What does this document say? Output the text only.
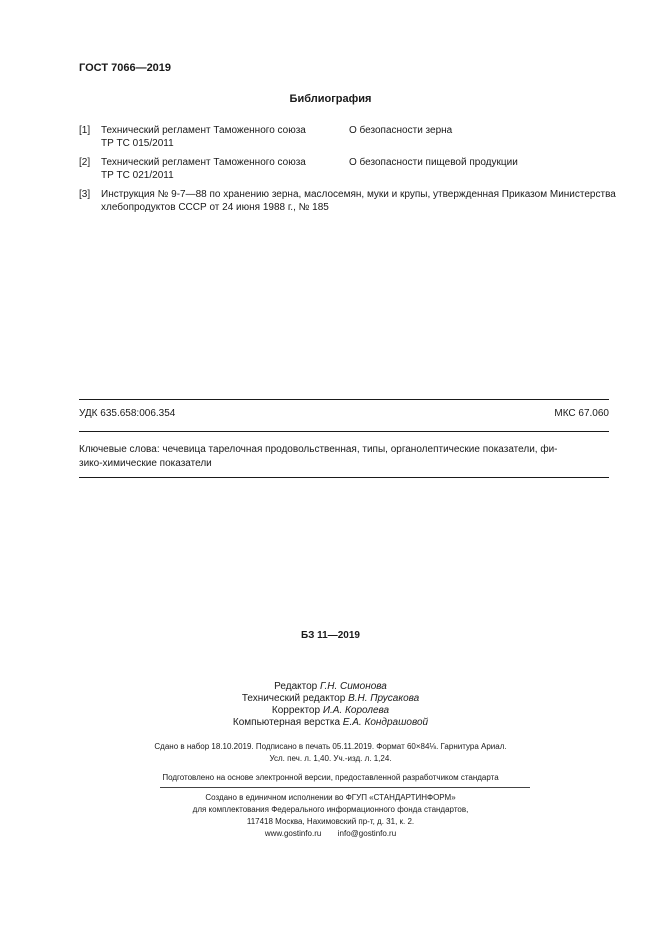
ГОСТ 7066—2019
Библиография
[1] Технический регламент Таможенного союза
ТР ТС 015/2011
О безопасности зерна
[2] Технический регламент Таможенного союза
ТР ТС 021/2011
О безопасности пищевой продукции
[3] Инструкция № 9-7—88 по хранению зерна, маслосемян, муки и крупы, утвержденная Приказом Министерства
хлебопродуктов СССР от 24 июня 1988 г., № 185
УДК 635.658:006.354	МКС 67.060
Ключевые слова: чечевица тарелочная продовольственная, типы, органолептические показатели, фи-
зико-химические показатели
БЗ 11—2019
Редактор Г.Н. Симонова
Технический редактор В.Н. Прусакова
Корректор И.А. Королева
Компьютерная верстка Е.А. Кондрашовой
Сдано в набор 18.10.2019. Подписано в печать 05.11.2019. Формат 60×84⅛. Гарнитура Ариал.
Усл. печ. л. 1,40. Уч.-изд. л. 1,24.
Подготовлено на основе электронной версии, предоставленной разработчиком стандарта
Создано в единичном исполнении во ФГУП «СТАНДАРТИНФОРМ»
для комплектования Федерального информационного фонда стандартов,
117418 Москва, Нахимовский пр-т, д. 31, к. 2.
www.gostinfo.ru info@gostinfo.ru
